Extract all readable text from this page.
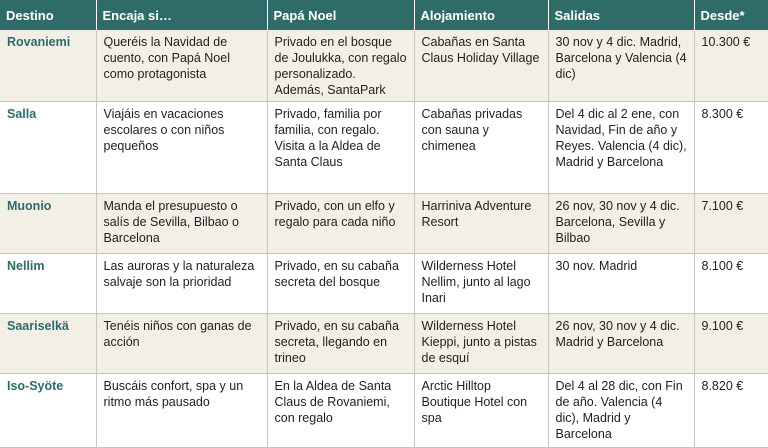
Destino	Encaja si…	Papá Noel	Alojamiento	Salidas	Desde*
Rovaniemi	Queréis la Navidad de cuento, con Papá Noel como protagonista	Privado en el bosque de Joulukka, con regalo personalizado. Además, SantaPark	Cabañas en Santa Claus Holiday Village	30 nov y 4 dic. Madrid, Barcelona y Valencia (4 dic)	10.300 €
Salla	Viajáis en vacaciones escolares o con niños pequeños	Privado, familia por familia, con regalo. Visita a la Aldea de Santa Claus	Cabañas privadas con sauna y chimenea	Del 4 dic al 2 ene, con Navidad, Fin de año y Reyes. Valencia (4 dic), Madrid y Barcelona	8.300 €
Muonio	Manda el presupuesto o salís de Sevilla, Bilbao o Barcelona	Privado, con un elfo y regalo para cada niño	Harriniva Adventure Resort	26 nov, 30 nov y 4 dic. Barcelona, Sevilla y Bilbao	7.100 €
Nellim	Las auroras y la naturaleza salvaje son la prioridad	Privado, en su cabaña secreta del bosque	Wilderness Hotel Nellim, junto al lago Inari	30 nov. Madrid	8.100 €
Saariselkä	Tenéis niños con ganas de acción	Privado, en su cabaña secreta, llegando en trineo	Wilderness Hotel Kieppi, junto a pistas de esquí	26 nov, 30 nov y 4 dic. Madrid y Barcelona	9.100 €
Iso-Syöte	Buscáis confort, spa y un ritmo más pausado	En la Aldea de Santa Claus de Rovaniemi, con regalo	Arctic Hilltop Boutique Hotel con spa	Del 4 al 28 dic, con Fin de año. Valencia (4 dic), Madrid y Barcelona	8.820 €
